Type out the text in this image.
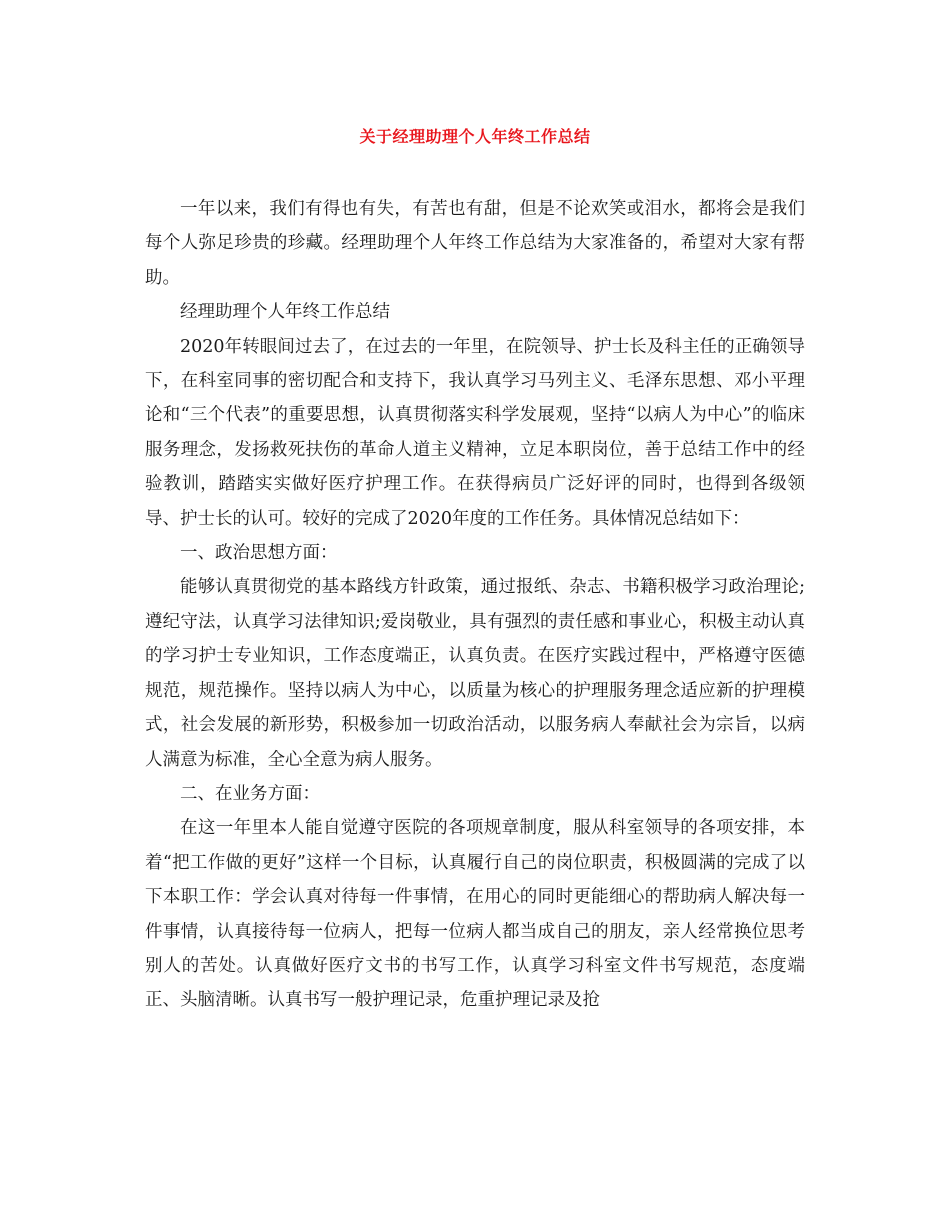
关于经理助理个人年终工作总结

一年以来，我们有得也有失，有苦也有甜，但是不论欢笑或泪水，都将会是我们每个人弥足珍贵的珍藏。经理助理个人年终工作总结为大家准备的，希望对大家有帮助。

经理助理个人年终工作总结

2020年转眼间过去了，在过去的一年里，在院领导、护士长及科主任的正确领导下，在科室同事的密切配合和支持下，我认真学习马列主义、毛泽东思想、邓小平理论和“三个代表”的重要思想，认真贯彻落实科学发展观，坚持“以病人为中心”的临床服务理念，发扬救死扶伤的革命人道主义精神，立足本职岗位，善于总结工作中的经验教训，踏踏实实做好医疗护理工作。在获得病员广泛好评的同时，也得到各级领导、护士长的认可。较好的完成了2020年度的工作任务。具体情况总结如下：

一、政治思想方面：

能够认真贯彻党的基本路线方针政策，通过报纸、杂志、书籍积极学习政治理论;遵纪守法，认真学习法律知识;爱岗敬业，具有强烈的责任感和事业心，积极主动认真的学习护士专业知识，工作态度端正，认真负责。在医疗实践过程中，严格遵守医德规范，规范操作。坚持以病人为中心，以质量为核心的护理服务理念适应新的护理模式，社会发展的新形势，积极参加一切政治活动，以服务病人奉献社会为宗旨，以病人满意为标准，全心全意为病人服务。

二、在业务方面：

在这一年里本人能自觉遵守医院的各项规章制度，服从科室领导的各项安排，本着“把工作做的更好”这样一个目标，认真履行自己的岗位职责，积极圆满的完成了以下本职工作：学会认真对待每一件事情，在用心的同时更能细心的帮助病人解决每一件事情，认真接待每一位病人，把每一位病人都当成自己的朋友，亲人经常换位思考别人的苦处。认真做好医疗文书的书写工作，认真学习科室文件书写规范，态度端正、头脑清晰。认真书写一般护理记录，危重护理记录及抢
